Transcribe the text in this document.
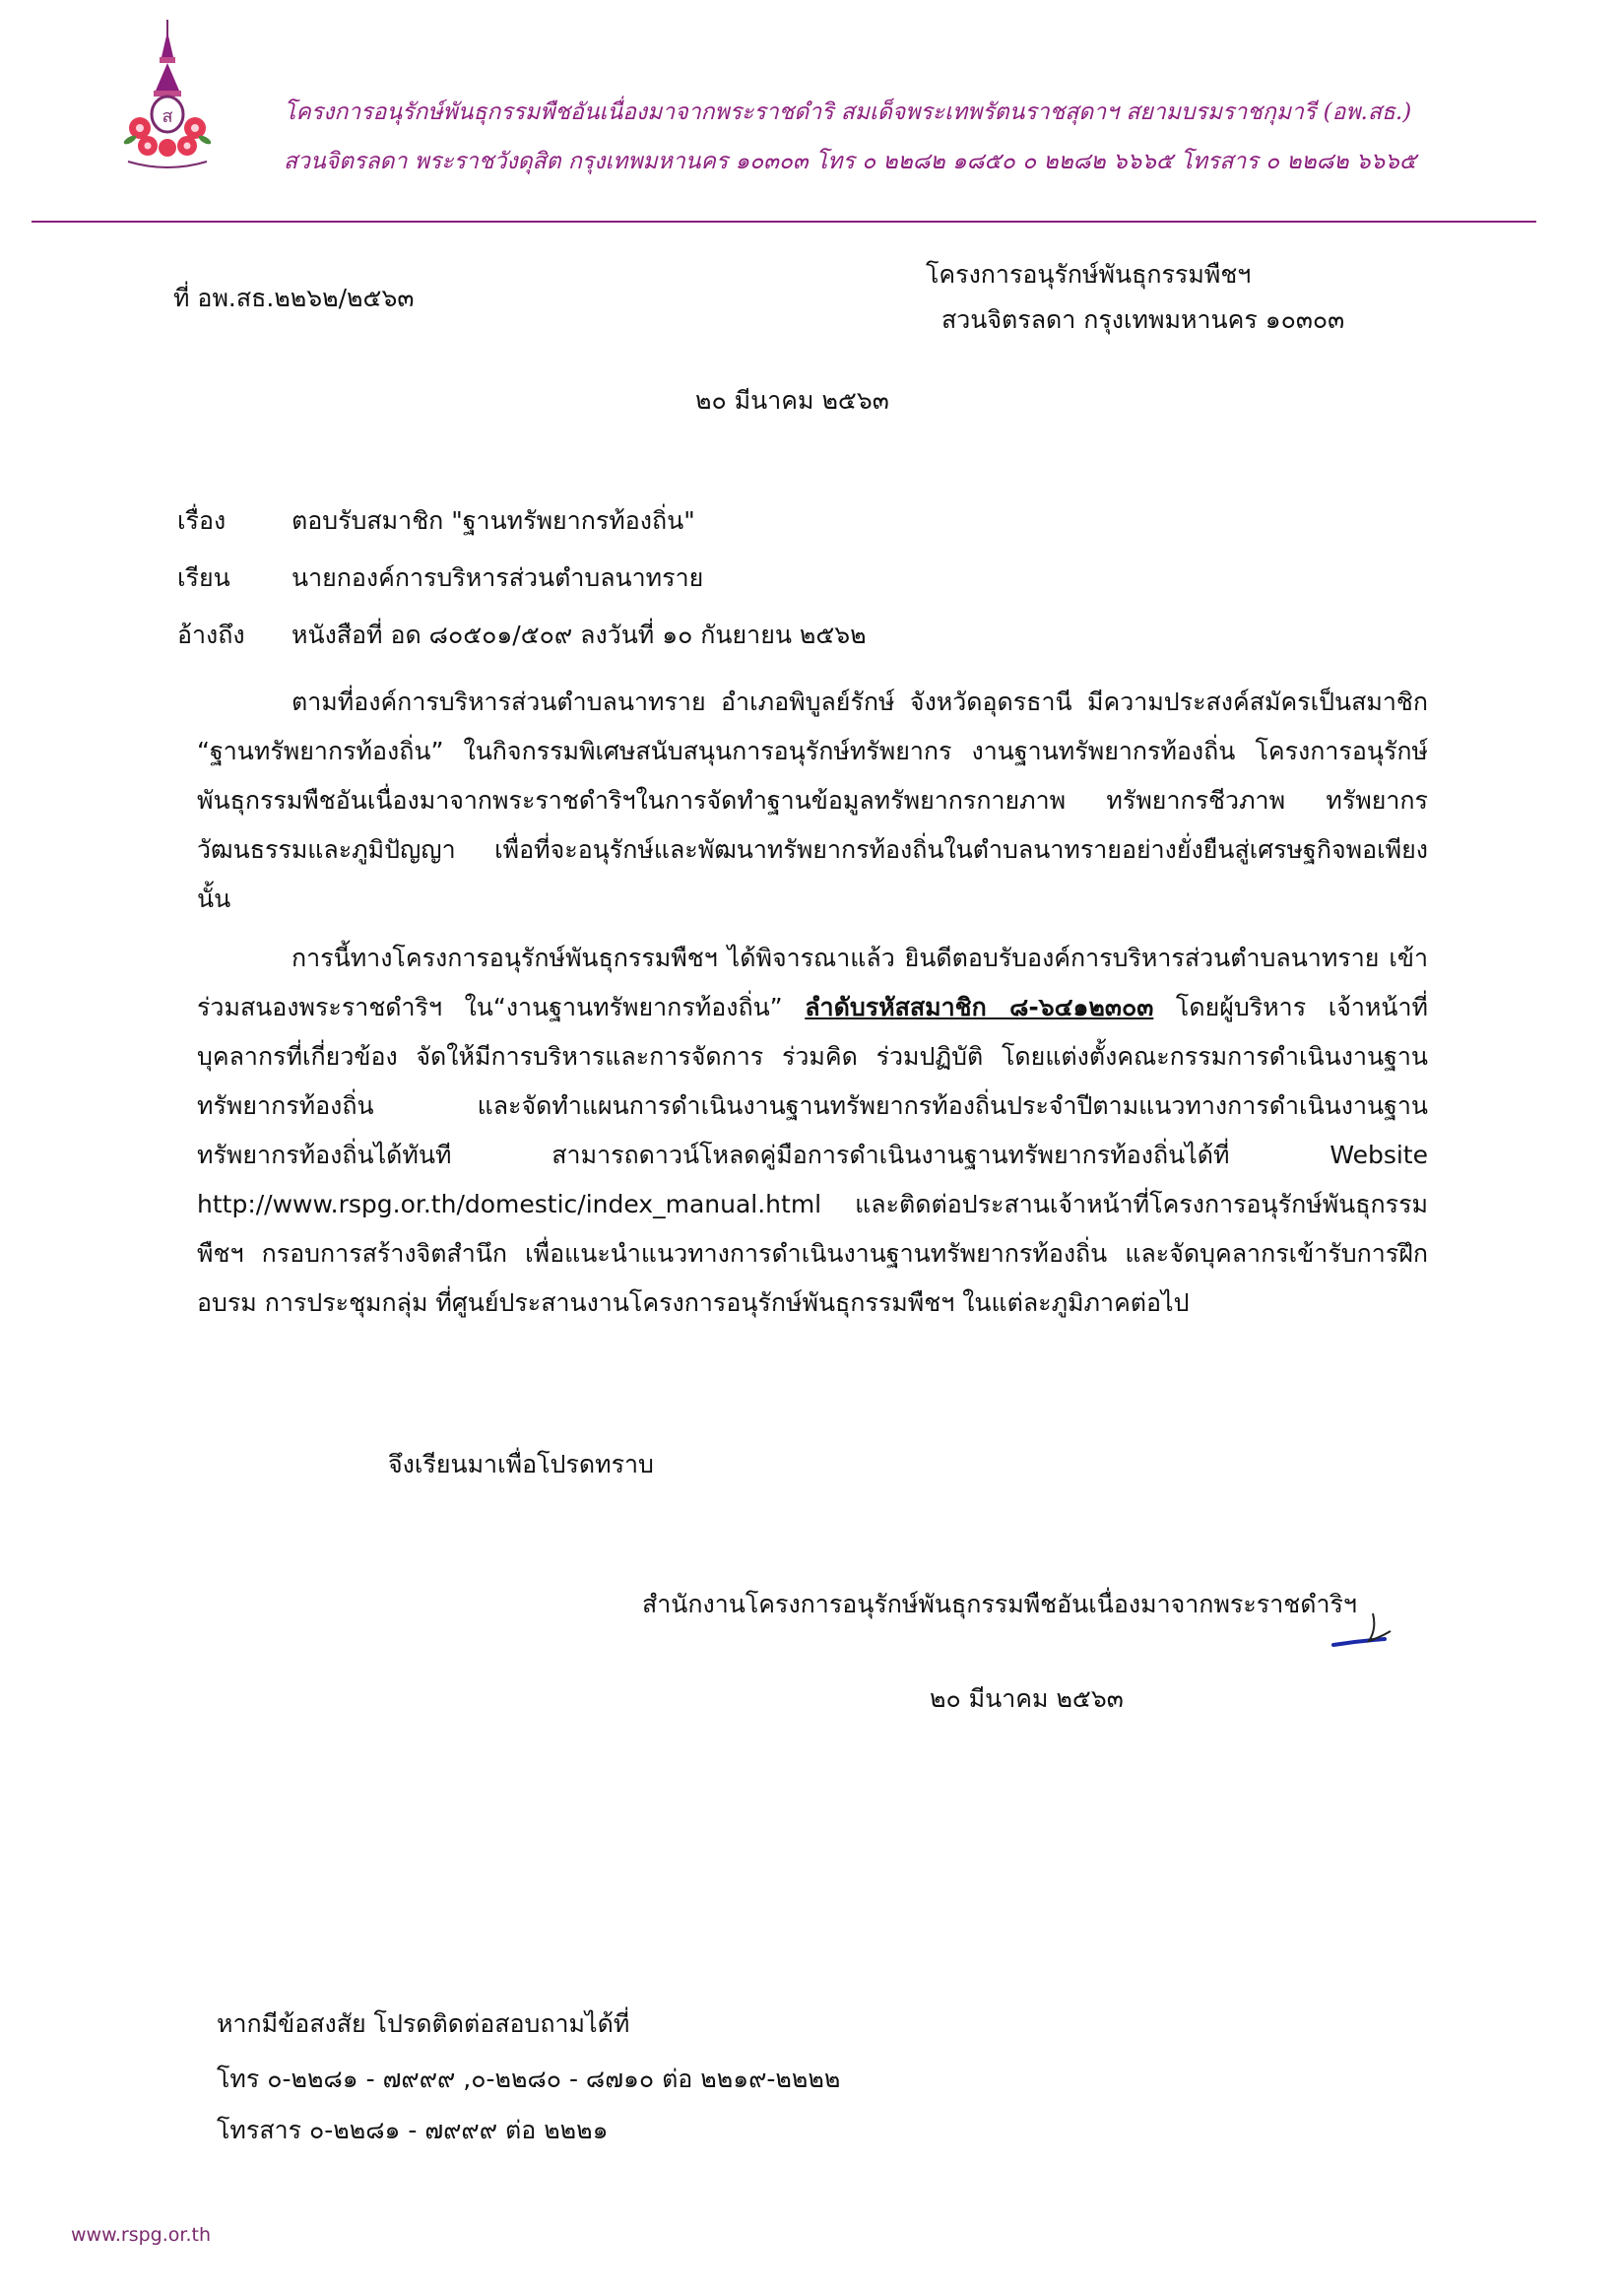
ส	โครงการอนุรักษ์พันธุกรรมพืชอันเนื่องมาจากพระราชดำริ สมเด็จพระเทพรัตนราชสุดาฯ สยามบรมราชกุมารี (อพ.สธ.)
สวนจิตรลดา พระราชวังดุสิต กรุงเทพมหานคร ๑๐๓๐๓ โทร ๐ ๒๒๘๒ ๑๘๕๐ ๐ ๒๒๘๒ ๖๖๖๕ โทรสาร ๐ ๒๒๘๒ ๖๖๖๕
ที่ อพ.สธ.๒๒๖๒/๒๕๖๓
โครงการอนุรักษ์พันธุกรรมพืชฯ
สวนจิตรลดา กรุงเทพมหานคร ๑๐๓๐๓
๒๐ มีนาคม ๒๕๖๓
เรื่อง	ตอบรับสมาชิก "ฐานทรัพยากรท้องถิ่น"
เรียน นายกองค์การบริหารส่วนตำบลนาทราย
อ้างถึง หนังสือที่ อด ๘๐๕๐๑/๕๐๙ ลงวันที่ ๑๐ กันยายน ๒๕๖๒
ตามที่องค์การบริหารส่วนตำบลนาทราย อำเภอพิบูลย์รักษ์ จังหวัดอุดรธานี มีความประสงค์สมัครเป็นสมาชิก “ฐานทรัพยากรท้องถิ่น” ในกิจกรรมพิเศษสนับสนุนการอนุรักษ์ทรัพยากร งานฐานทรัพยากรท้องถิ่น โครงการอนุรักษ์พันธุกรรมพืชอันเนื่องมาจากพระราชดำริฯในการจัดทำฐานข้อมูลทรัพยากรกายภาพ ทรัพยากรชีวภาพ ทรัพยากรวัฒนธรรมและภูมิปัญญา เพื่อที่จะอนุรักษ์และพัฒนาทรัพยากรท้องถิ่นในตำบลนาทรายอย่างยั่งยืนสู่เศรษฐกิจพอเพียง นั้น
การนี้ทางโครงการอนุรักษ์พันธุกรรมพืชฯ ได้พิจารณาแล้ว ยินดีตอบรับองค์การบริหารส่วนตำบลนาทราย เข้าร่วมสนองพระราชดำริฯ ใน“งานฐานทรัพยากรท้องถิ่น” ลำดับรหัสสมาชิก ๘-๖๔๑๒๓๐๓ โดยผู้บริหาร เจ้าหน้าที่ บุคลากรที่เกี่ยวข้อง จัดให้มีการบริหารและการจัดการ ร่วมคิด ร่วมปฏิบัติ โดยแต่งตั้งคณะกรรมการดำเนินงานฐานทรัพยากรท้องถิ่น และจัดทำแผนการดำเนินงานฐานทรัพยากรท้องถิ่นประจำปีตามแนวทางการดำเนินงานฐานทรัพยากรท้องถิ่นได้ทันที สามารถดาวน์โหลดคู่มือการดำเนินงานฐานทรัพยากรท้องถิ่นได้ที่ Website http://www.rspg.or.th/domestic/index_manual.html และติดต่อประสานเจ้าหน้าที่โครงการอนุรักษ์พันธุกรรมพืชฯ กรอบการสร้างจิตสำนึก เพื่อแนะนำแนวทางการดำเนินงานฐานทรัพยากรท้องถิ่น และจัดบุคลากรเข้ารับการฝึกอบรม การประชุมกลุ่ม ที่ศูนย์ประสานงานโครงการอนุรักษ์พันธุกรรมพืชฯ ในแต่ละภูมิภาคต่อไป
จึงเรียนมาเพื่อโปรดทราบ
สำนักงานโครงการอนุรักษ์พันธุกรรมพืชอันเนื่องมาจากพระราชดำริฯ
๒๐ มีนาคม ๒๕๖๓
หากมีข้อสงสัย โปรดติดต่อสอบถามได้ที่
โทร ๐-๒๒๘๑ - ๗๙๙๙ ,๐-๒๒๘๐ - ๘๗๑๐ ต่อ ๒๒๑๙-๒๒๒๒
โทรสาร ๐-๒๒๘๑ - ๗๙๙๙ ต่อ ๒๒๒๑
www.rspg.or.th
